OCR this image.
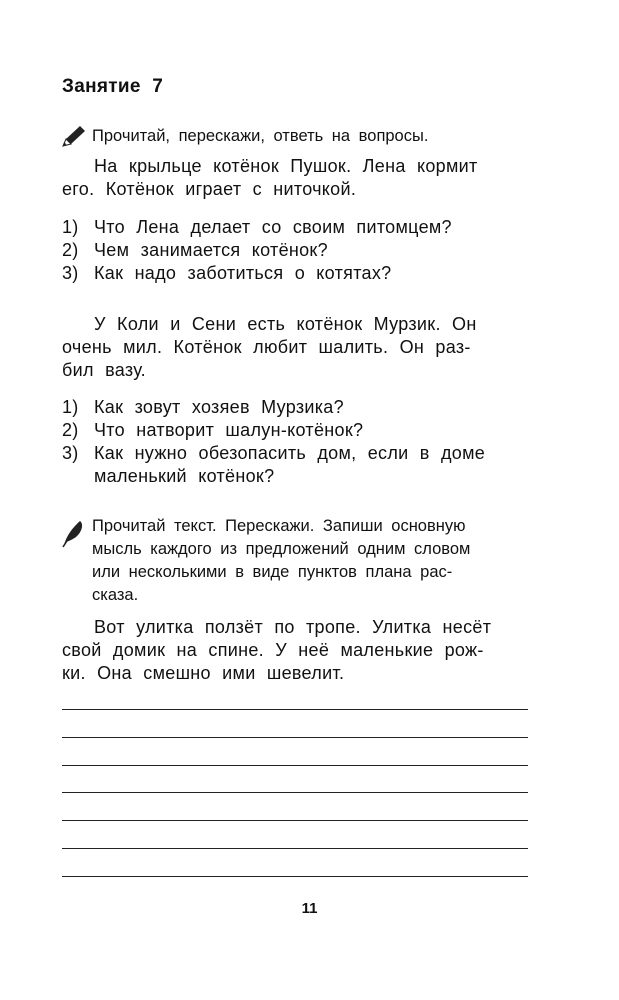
Занятие 7
Прочитай, перескажи, ответь на вопросы.
На крыльце котёнок Пушок. Лена кормит
его. Котёнок играет с ниточкой.
1) Что Лена делает со своим питомцем?
2) Чем занимается котёнок?
3) Как надо заботиться о котятах?
У Коли и Сени есть котёнок Мурзик. Он
очень мил. Котёнок любит шалить. Он раз-
бил вазу.
1) Как зовут хозяев Мурзика?
2) Что натворит шалун-котёнок?
3) Как нужно обезопасить дом, если в доме
маленький котёнок?
Прочитай текст. Перескажи. Запиши основную
мысль каждого из предложений одним словом
или несколькими в виде пунктов плана рас-
сказа.
Вот улитка ползёт по тропе. Улитка несёт
свой домик на спине. У неё маленькие рож-
ки. Она смешно ими шевелит.
11
